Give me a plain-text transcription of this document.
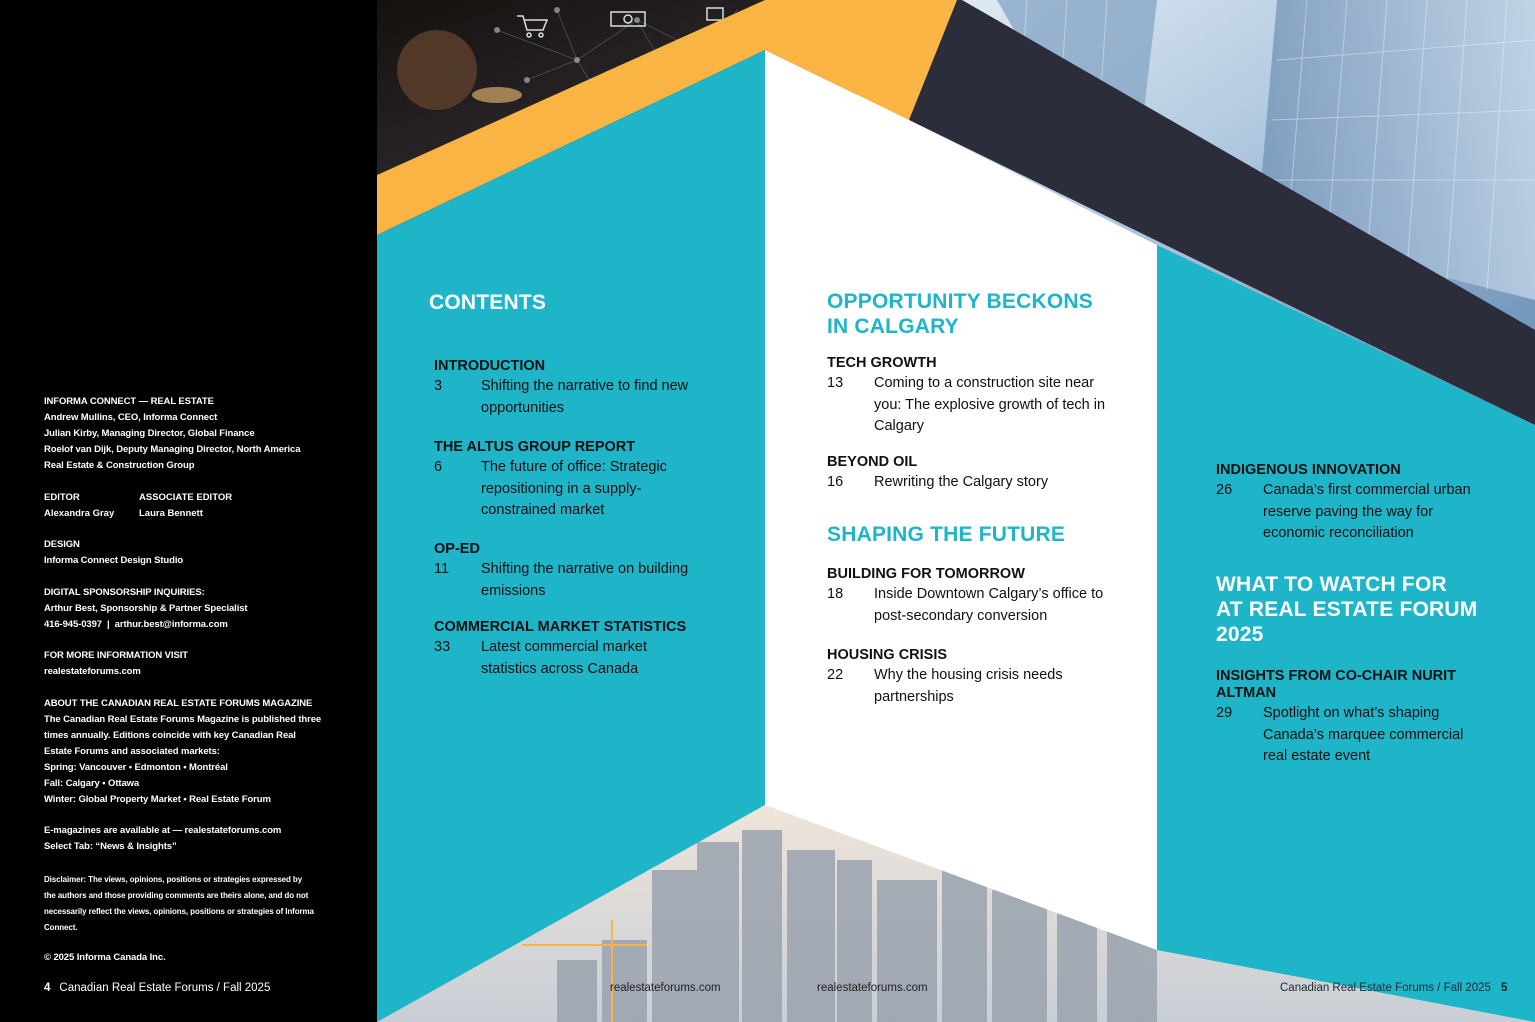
INFORMA CONNECT — REAL ESTATE
Andrew Mullins, CEO, Informa Connect
Julian Kirby, Managing Director, Global Finance
Roelof van Dijk, Deputy Managing Director, North America
Real Estate & Construction Group
EDITOR
Alexandra Gray
ASSOCIATE EDITOR
Laura Bennett
DESIGN
Informa Connect Design Studio
DIGITAL SPONSORSHIP INQUIRIES:
Arthur Best, Sponsorship & Partner Specialist
416-945-0397  |  arthur.best@informa.com
FOR MORE INFORMATION VISIT
realestateforums.com
ABOUT THE CANADIAN REAL ESTATE FORUMS MAGAZINE
The Canadian Real Estate Forums Magazine is published three
times annually. Editions coincide with key Canadian Real
Estate Forums and associated markets:
Spring: Vancouver • Edmonton • Montréal
Fall: Calgary • Ottawa
Winter: Global Property Market • Real Estate Forum
E-magazines are available at — realestateforums.com
Select Tab: “News & Insights”
Disclaimer: The views, opinions, positions or strategies expressed by
the authors and those providing comments are theirs alone, and do not
necessarily reflect the views, opinions, positions or strategies of Informa
Connect.
© 2025 Informa Canada Inc.
4 Canadian Real Estate Forums / Fall 2025
CONTENTS
INTRODUCTION
3	Shifting the narrative to find new opportunities
THE ALTUS GROUP REPORT
6	The future of office: Strategic repositioning in a supply-constrained market
OP-ED
11	Shifting the narrative on building emissions
COMMERCIAL MARKET STATISTICS
33	Latest commercial market statistics across Canada
OPPORTUNITY BECKONS
IN CALGARY
TECH GROWTH
13	Coming to a construction site near you: The explosive growth of tech in Calgary
BEYOND OIL
16	Rewriting the Calgary story
SHAPING THE FUTURE
BUILDING FOR TOMORROW
18	Inside Downtown Calgary’s office to post-secondary conversion
HOUSING CRISIS
22	Why the housing crisis needs partnerships
INDIGENOUS INNOVATION
26	Canada’s first commercial urban reserve paving the way for economic reconciliation
WHAT TO WATCH FOR
AT REAL ESTATE FORUM
2025
INSIGHTS FROM CO-CHAIR NURIT ALTMAN
29	Spotlight on what’s shaping Canada’s marquee commercial real estate event
realestateforums.com	realestateforums.com	Canadian Real Estate Forums / Fall 2025 5
